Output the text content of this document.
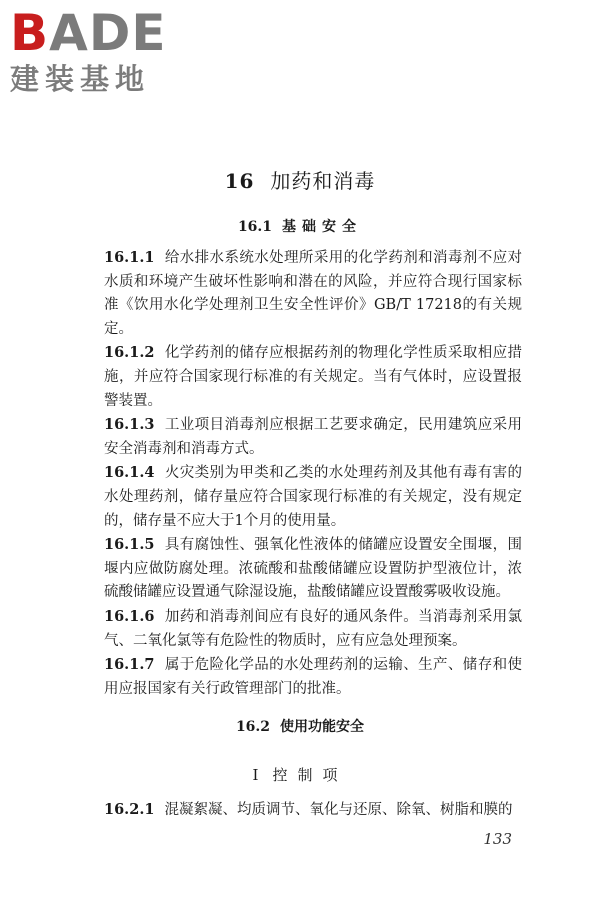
BADE
建装基地
16 加药和消毒
16.1 基础安全

16.1.1 给水排水系统水处理所采用的化学药剂和消毒剂不应对水质和环境产生破坏性影响和潜在的风险，并应符合现行国家标准《饮用水化学处理剂卫生安全性评价》GB/T 17218的有关规定。

16.1.2 化学药剂的储存应根据药剂的物理化学性质采取相应措施，并应符合国家现行标准的有关规定。当有气体时，应设置报警装置。

16.1.3 工业项目消毒剂应根据工艺要求确定，民用建筑应采用安全消毒剂和消毒方式。

16.1.4 火灾类别为甲类和乙类的水处理药剂及其他有毒有害的水处理药剂，储存量应符合国家现行标准的有关规定，没有规定的，储存量不应大于1个月的使用量。

16.1.5 具有腐蚀性、强氧化性液体的储罐应设置安全围堰，围堰内应做防腐处理。浓硫酸和盐酸储罐应设置防护型液位计，浓硫酸储罐应设置通气除湿设施，盐酸储罐应设置酸雾吸收设施。

16.1.6 加药和消毒剂间应有良好的通风条件。当消毒剂采用氯气、二氧化氯等有危险性的物质时，应有应急处理预案。

16.1.7 属于危险化学品的水处理药剂的运输、生产、储存和使用应报国家有关行政管理部门的批准。

16.2 使用功能安全
Ⅰ 控制项
16.2.1 混凝絮凝、均质调节、氧化与还原、除氧、树脂和膜的
133
